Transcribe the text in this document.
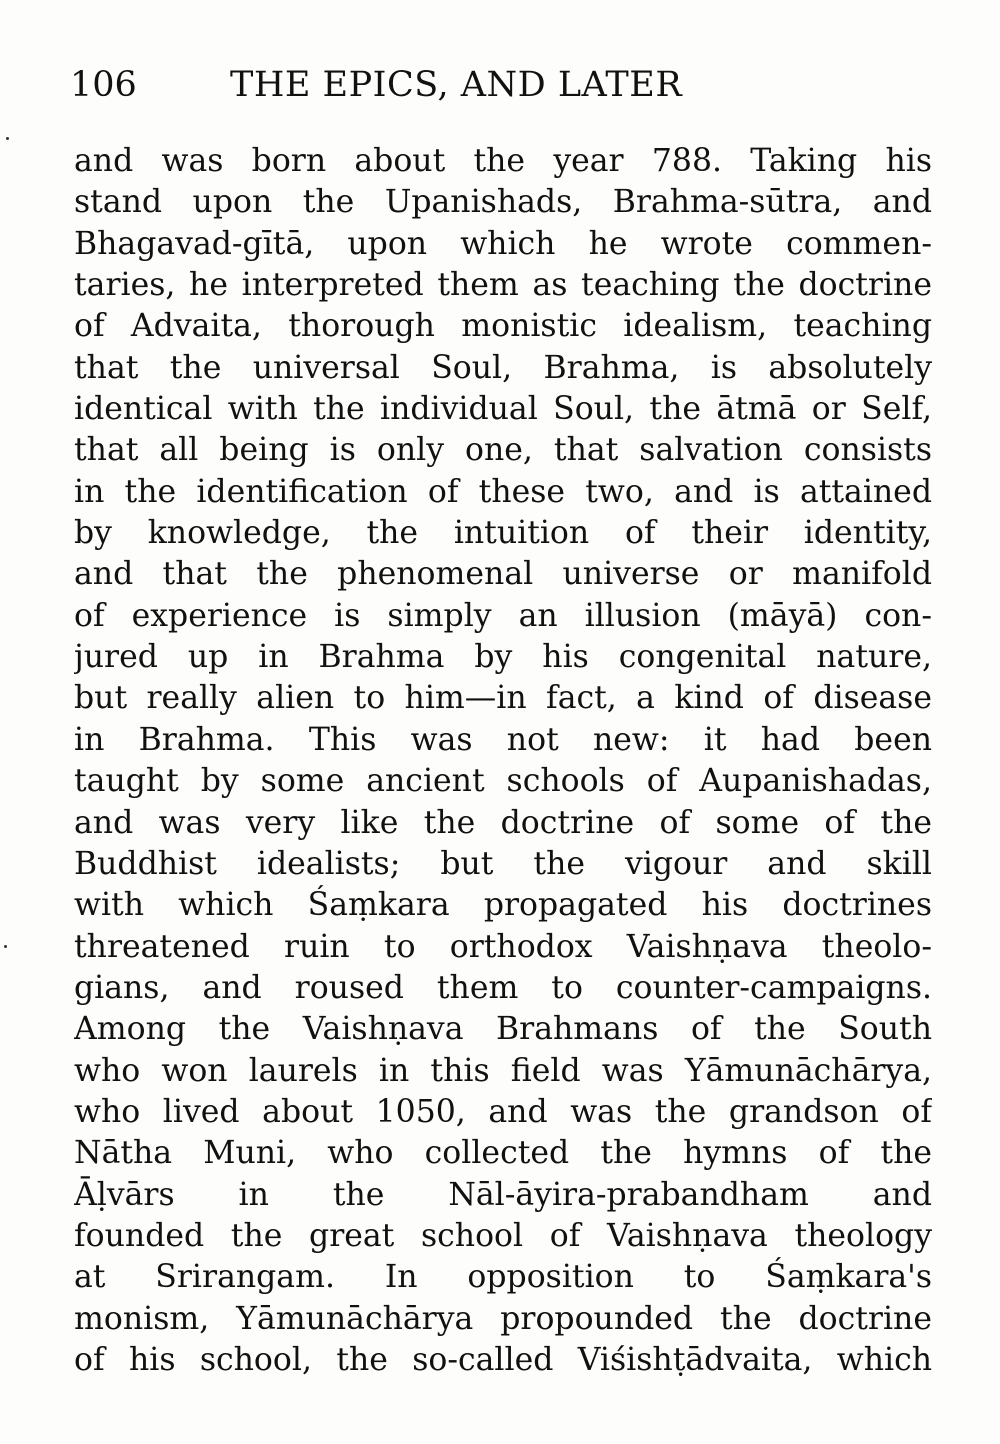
106	THE EPICS, AND LATER
and was born about the year 788. Taking his
stand upon the Upanishads, Brahma-sūtra, and
Bhagavad-gītā, upon which he wrote commen-
taries, he interpreted them as teaching the doctrine
of Advaita, thorough monistic idealism, teaching
that the universal Soul, Brahma, is absolutely
identical with the individual Soul, the ātmā or Self,
that all being is only one, that salvation consists
in the identification of these two, and is attained
by knowledge, the intuition of their identity,
and that the phenomenal universe or manifold
of experience is simply an illusion (māyā) con-
jured up in Brahma by his congenital nature,
but really alien to him—in fact, a kind of disease
in Brahma. This was not new: it had been
taught by some ancient schools of Aupanishadas,
and was very like the doctrine of some of the
Buddhist idealists; but the vigour and skill
with which Śaṃkara propagated his doctrines
threatened ruin to orthodox Vaishṇava theolo-
gians, and roused them to counter-campaigns.
Among the Vaishṇava Brahmans of the South
who won laurels in this field was Yāmunāchārya,
who lived about 1050, and was the grandson of
Nātha Muni, who collected the hymns of the
Āḷvārs in the Nāl-āyira-prabandham and
founded the great school of Vaishṇava theology
at Srirangam. In opposition to Śaṃkara's
monism, Yāmunāchārya propounded the doctrine
of his school, the so-called Viśishṭādvaita, which
